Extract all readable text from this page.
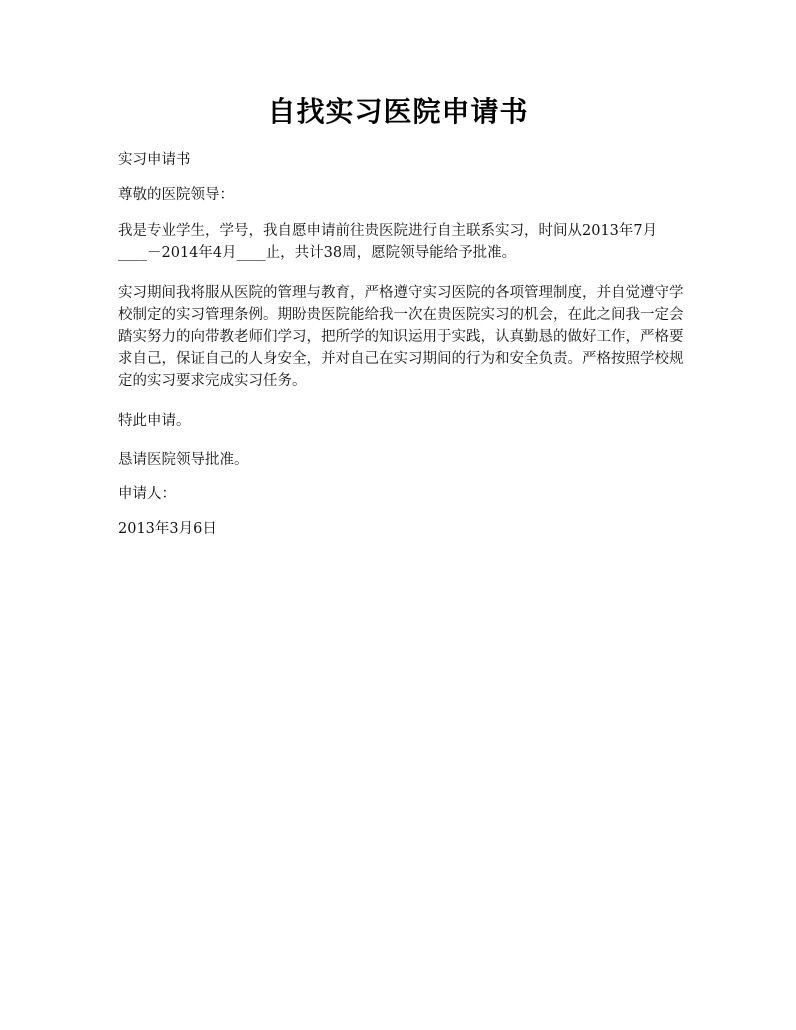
自找实习医院申请书

实习申请书

尊敬的医院领导：

我是专业学生，学号，我自愿申请前往贵医院进行自主联系实习，时间从2013年7月____－2014年4月____止，共计38周，愿院领导能给予批准。

实习期间我将服从医院的管理与教育，严格遵守实习医院的各项管理制度，并自觉遵守学校制定的实习管理条例。期盼贵医院能给我一次在贵医院实习的机会，在此之间我一定会踏实努力的向带教老师们学习，把所学的知识运用于实践，认真勤恳的做好工作，严格要求自己，保证自己的人身安全，并对自己在实习期间的行为和安全负责。严格按照学校规定的实习要求完成实习任务。

特此申请。

恳请医院领导批准。

申请人：

2013年3月6日
